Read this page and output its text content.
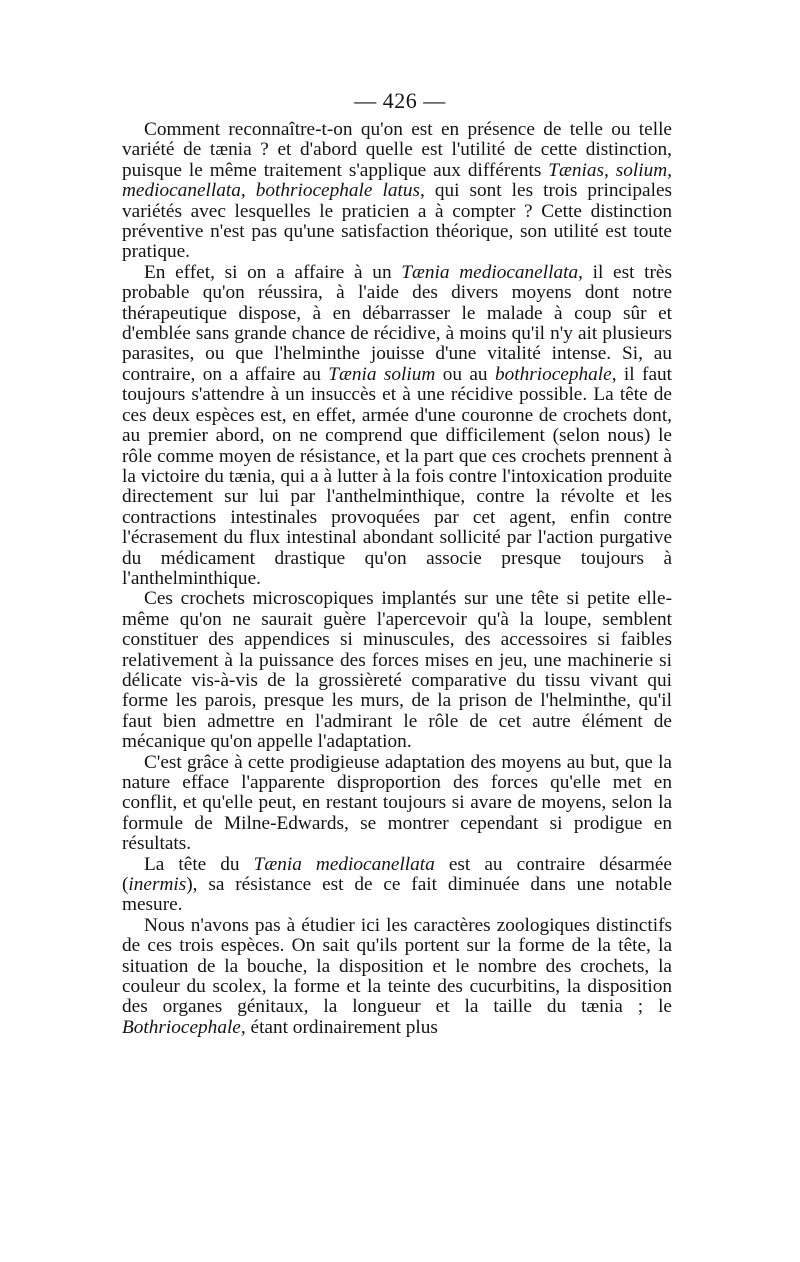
— 426 —

Comment reconnaître-t-on qu'on est en présence de telle ou telle variété de tænia ? et d'abord quelle est l'utilité de cette distinction, puisque le même traitement s'applique aux différents Tænias, solium, mediocanellata, bothriocephale latus, qui sont les trois principales variétés avec lesquelles le praticien a à compter ? Cette distinction préventive n'est pas qu'une satisfaction théorique, son utilité est toute pratique.

En effet, si on a affaire à un Tænia mediocanellata, il est très probable qu'on réussira, à l'aide des divers moyens dont notre thérapeutique dispose, à en débarrasser le malade à coup sûr et d'emblée sans grande chance de récidive, à moins qu'il n'y ait plusieurs parasites, ou que l'helminthe jouisse d'une vitalité intense. Si, au contraire, on a affaire au Tænia solium ou au bothriocephale, il faut toujours s'attendre à un insuccès et à une récidive possible. La tête de ces deux espèces est, en effet, armée d'une couronne de crochets dont, au premier abord, on ne comprend que difficilement (selon nous) le rôle comme moyen de résistance, et la part que ces crochets prennent à la victoire du tænia, qui a à lutter à la fois contre l'intoxication produite directement sur lui par l'anthelminthique, contre la révolte et les contractions intestinales provoquées par cet agent, enfin contre l'écrasement du flux intestinal abondant sollicité par l'action purgative du médicament drastique qu'on associe presque toujours à l'anthelminthique.

Ces crochets microscopiques implantés sur une tête si petite elle-même qu'on ne saurait guère l'apercevoir qu'à la loupe, semblent constituer des appendices si minuscules, des accessoires si faibles relativement à la puissance des forces mises en jeu, une machinerie si délicate vis-à-vis de la grossièreté comparative du tissu vivant qui forme les parois, presque les murs, de la prison de l'helminthe, qu'il faut bien admettre en l'admirant le rôle de cet autre élément de mécanique qu'on appelle l'adaptation.

C'est grâce à cette prodigieuse adaptation des moyens au but, que la nature efface l'apparente disproportion des forces qu'elle met en conflit, et qu'elle peut, en restant toujours si avare de moyens, selon la formule de Milne-Edwards, se montrer cependant si prodigue en résultats.

La tête du Tænia mediocanellata est au contraire désarmée (inermis), sa résistance est de ce fait diminuée dans une notable mesure.

Nous n'avons pas à étudier ici les caractères zoologiques distinctifs de ces trois espèces. On sait qu'ils portent sur la forme de la tête, la situation de la bouche, la disposition et le nombre des crochets, la couleur du scolex, la forme et la teinte des cucurbitins, la disposition des organes génitaux, la longueur et la taille du tænia ; le Bothriocephale, étant ordinairement plus
